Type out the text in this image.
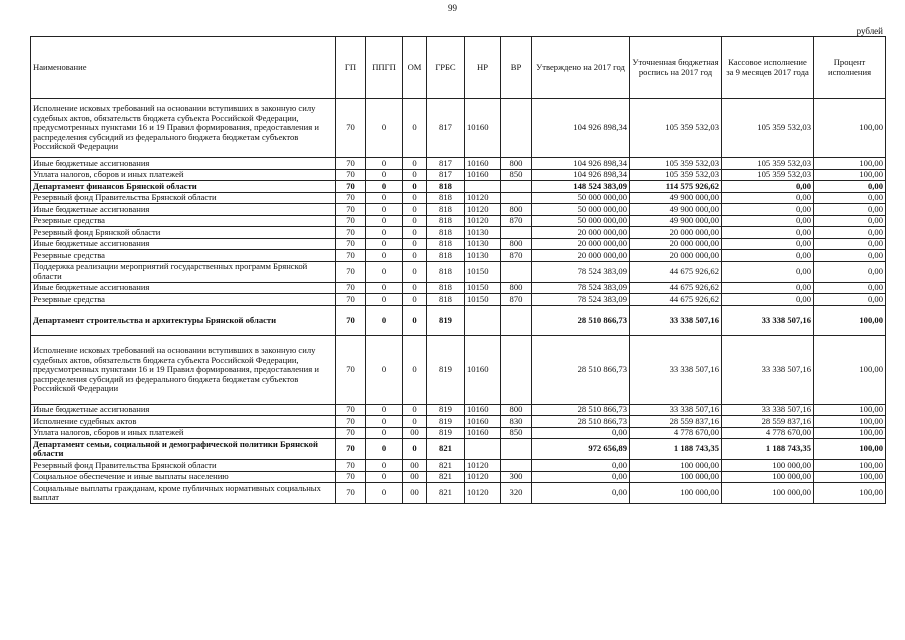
99
рублей
Наименование	ГП	ППГП	ОМ	ГРБС	НР	ВР	Утверждено на 2017 год	Уточненная бюджетная роспись на 2017 год	Кассовое исполнение за 9 месяцев 2017 года	Процент исполнения
Исполнение исковых требований на основании вступивших в законную силу судебных актов, обязательств бюджета субъекта Российской Федерации, предусмотренных пунктами 16 и 19 Правил формирования, предоставления и распределения субсидий из федерального бюджета бюджетам субъектов Российской Федерации	70	0	0	817	10160		104 926 898,34	105 359 532,03	105 359 532,03	100,00
Иные бюджетные ассигнования	70	0	0	817	10160	800	104 926 898,34	105 359 532,03	105 359 532,03	100,00
Уплата налогов, сборов и иных платежей	70	0	0	817	10160	850	104 926 898,34	105 359 532,03	105 359 532,03	100,00
Департамент финансов Брянской области	70	0	0	818			148 524 383,09	114 575 926,62	0,00	0,00
Резервный фонд Правительства Брянской области	70	0	0	818	10120		50 000 000,00	49 900 000,00	0,00	0,00
Иные бюджетные ассигнования	70	0	0	818	10120	800	50 000 000,00	49 900 000,00	0,00	0,00
Резервные средства	70	0	0	818	10120	870	50 000 000,00	49 900 000,00	0,00	0,00
Резервный фонд Брянской области	70	0	0	818	10130		20 000 000,00	20 000 000,00	0,00	0,00
Иные бюджетные ассигнования	70	0	0	818	10130	800	20 000 000,00	20 000 000,00	0,00	0,00
Резервные средства	70	0	0	818	10130	870	20 000 000,00	20 000 000,00	0,00	0,00
Поддержка реализации мероприятий государственных программ Брянской области	70	0	0	818	10150		78 524 383,09	44 675 926,62	0,00	0,00
Иные бюджетные ассигнования	70	0	0	818	10150	800	78 524 383,09	44 675 926,62	0,00	0,00
Резервные средства	70	0	0	818	10150	870	78 524 383,09	44 675 926,62	0,00	0,00
Департамент строительства и архитектуры Брянской области	70	0	0	819			28 510 866,73	33 338 507,16	33 338 507,16	100,00
Исполнение исковых требований на основании вступивших в законную силу судебных актов, обязательств бюджета субъекта Российской Федерации, предусмотренных пунктами 16 и 19 Правил формирования, предоставления и распределения субсидий из федерального бюджета бюджетам субъектов Российской Федерации	70	0	0	819	10160		28 510 866,73	33 338 507,16	33 338 507,16	100,00
Иные бюджетные ассигнования	70	0	0	819	10160	800	28 510 866,73	33 338 507,16	33 338 507,16	100,00
Исполнение судебных актов	70	0	0	819	10160	830	28 510 866,73	28 559 837,16	28 559 837,16	100,00
Уплата налогов, сборов и иных платежей	70	0	00	819	10160	850	0,00	4 778 670,00	4 778 670,00	100,00
Департамент семьи, социальной и демографической политики Брянской области	70	0	0	821			972 656,89	1 188 743,35	1 188 743,35	100,00
Резервный фонд Правительства Брянской области	70	0	00	821	10120		0,00	100 000,00	100 000,00	100,00
Социальное обеспечение и иные выплаты населению	70	0	00	821	10120	300	0,00	100 000,00	100 000,00	100,00
Социальные выплаты гражданам, кроме публичных нормативных социальных выплат	70	0	00	821	10120	320	0,00	100 000,00	100 000,00	100,00
